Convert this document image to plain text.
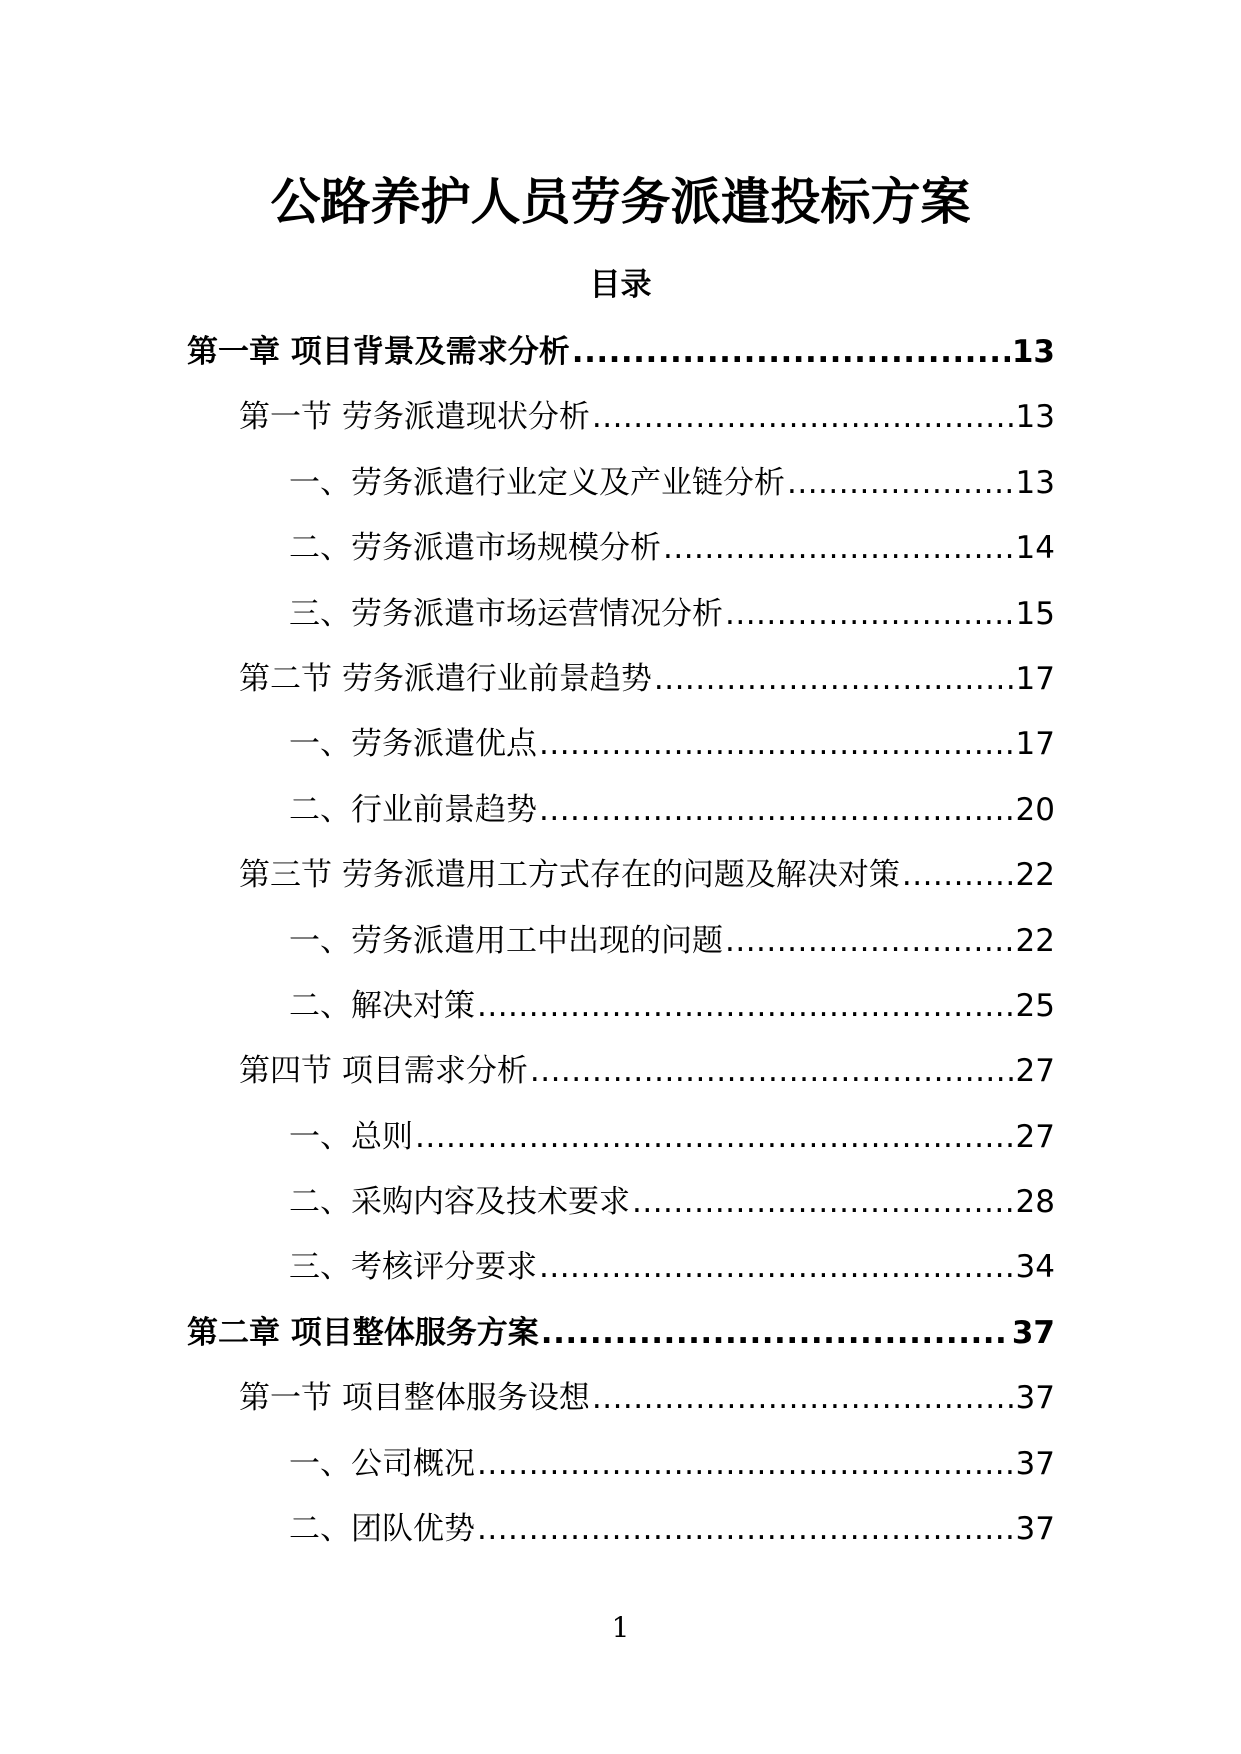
公路养护人员劳务派遣投标方案
目录
第一章 项目背景及需求分析 .....	13
第一节 劳务派遣现状分析 .....	13
一、劳务派遣行业定义及产业链分析 .....	13
二、劳务派遣市场规模分析 .....	14
三、劳务派遣市场运营情况分析 .....	15
第二节 劳务派遣行业前景趋势 .....	17
一、劳务派遣优点 .....	17
二、行业前景趋势 .....	20
第三节 劳务派遣用工方式存在的问题及解决对策 .....	22
一、劳务派遣用工中出现的问题 .....	22
二、解决对策 .....	25
第四节 项目需求分析 .....	27
一、总则 .....	27
二、采购内容及技术要求 .....	28
三、考核评分要求 .....	34
第二章 项目整体服务方案 .....	37
第一节 项目整体服务设想 .....	37
一、公司概况 .....	37
二、团队优势 .....	37
1
